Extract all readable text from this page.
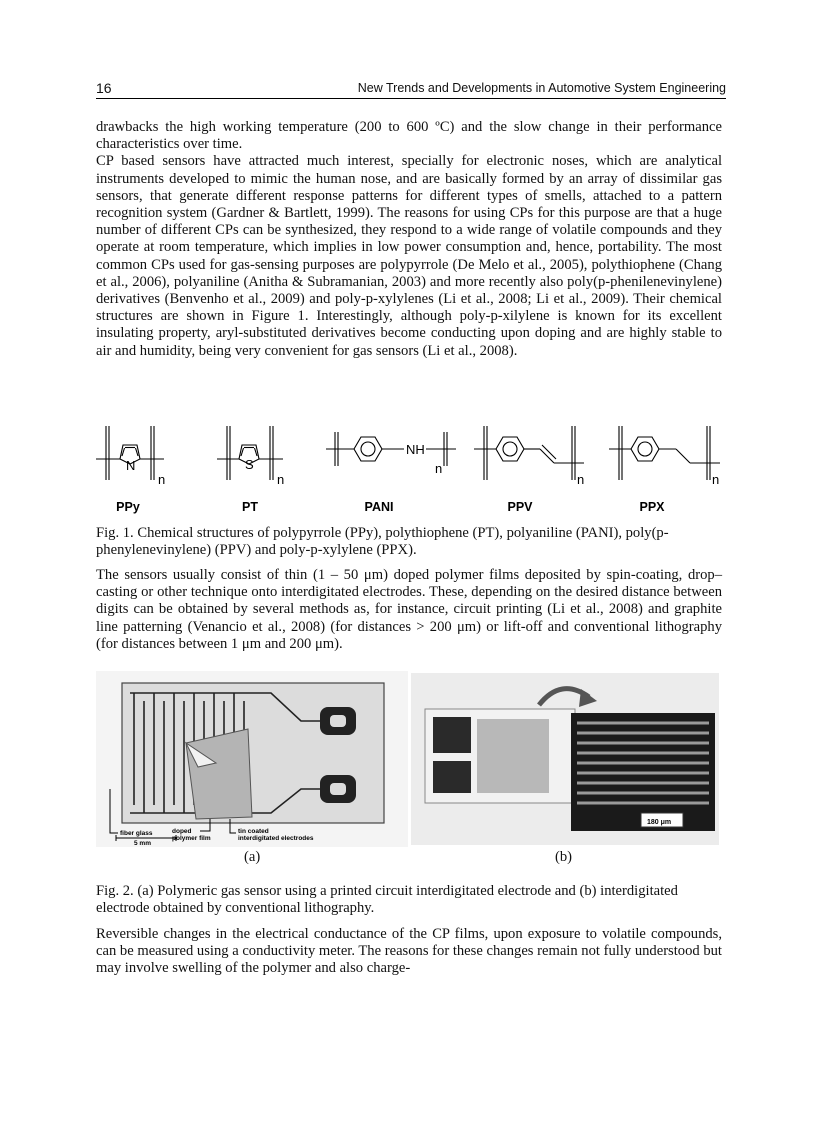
16	New Trends and Developments in Automotive System Engineering

drawbacks the high working temperature (200 to 600 ºC) and the slow change in their performance characteristics over time.

CP based sensors have attracted much interest, specially for electronic noses, which are analytical instruments developed to mimic the human nose, and are basically formed by an array of dissimilar gas sensors, that generate different response patterns for different types of smells, attached to a pattern recognition system (Gardner & Bartlett, 1999). The reasons for using CPs for this purpose are that a huge number of different CPs can be synthesized, they respond to a wide range of volatile compounds and they operate at room temperature, which implies in low power consumption and, hence, portability. The most common CPs used for gas-sensing purposes are polypyrrole (De Melo et al., 2005), polythiophene (Chang et al., 2006), polyaniline (Anitha & Subramanian, 2003) and more recently also poly(p-phenilenevinylene) derivatives (Benvenho et al., 2009) and poly-p-xylylenes (Li et al., 2008; Li et al., 2009). Their chemical structures are shown in Figure 1. Interestingly, although poly-p-xilylene is known for its excellent insulating property, aryl-substituted derivatives become conducting upon doping and are highly stable to air and humidity, being very convenient for gas sensors (Li et al., 2008).

N
n
S
n
NH
n
n	n
PPy	PT	PANI	PPV	PPX
Fig. 1. Chemical structures of polypyrrole (PPy), polythiophene (PT), polyaniline (PANI), poly(p-phenylenevinylene) (PPV) and poly-p-xylylene (PPX).

The sensors usually consist of thin (1 – 50 μm) doped polymer films deposited by spin-coating, drop–casting or other technique onto interdigitated electrodes. These, depending on the desired distance between digits can be obtained by several methods as, for instance, circuit printing (Li et al., 2008) and graphite line patterning (Venancio et al., 2008) (for distances > 200 μm) or lift-off and conventional lithography (for distances between 1 μm and 200 μm).

fiber glass	doped
polymer film
tin coated
interdigitated electrodes
5 mm
180 μm
(a)	(b)
Fig. 2. (a) Polymeric gas sensor using a printed circuit interdigitated electrode and (b) interdigitated electrode obtained by conventional lithography.

Reversible changes in the electrical conductance of the CP films, upon exposure to volatile compounds, can be measured using a conductivity meter. The reasons for these changes remain not fully understood but may involve swelling of the polymer and also charge-
